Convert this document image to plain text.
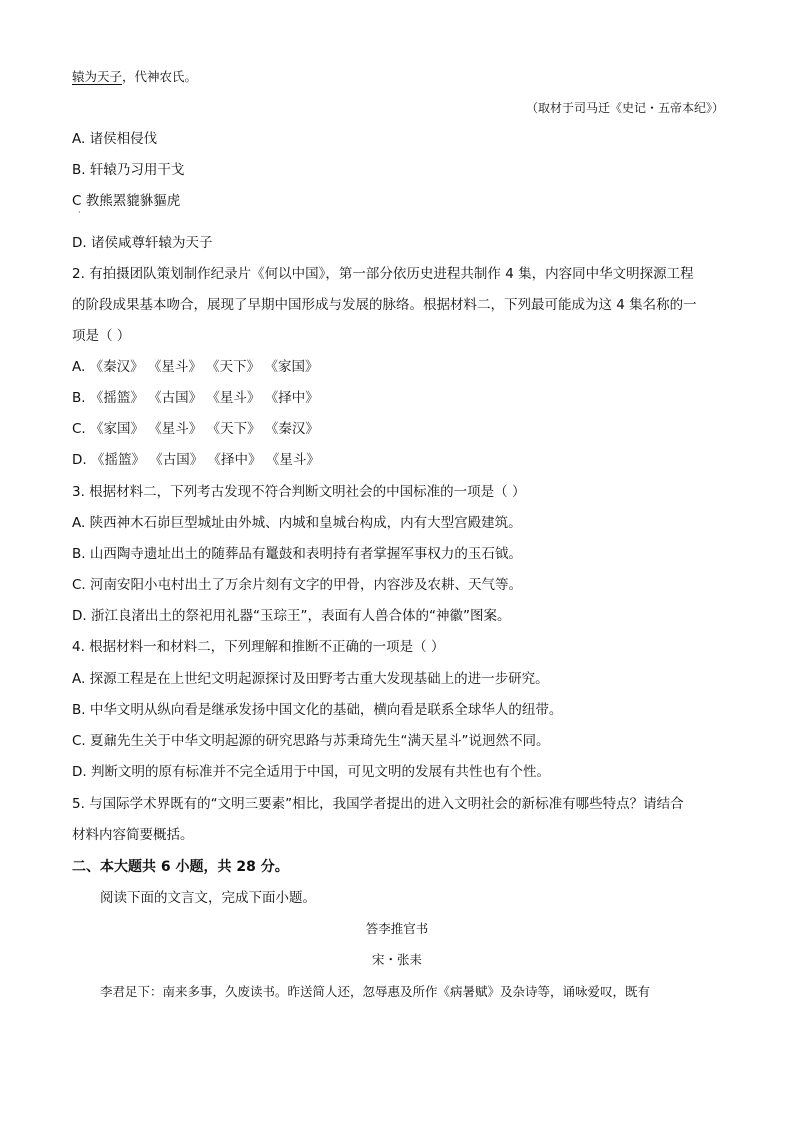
辕为天子，代神农氏。
（取材于司马迁《史记・五帝本纪》）
A. 诸侯相侵伐
B. 轩辕乃习用干戈
C 教熊罴貔貅貙虎
·
D. 诸侯咸尊轩辕为天子
2. 有拍摄团队策划制作纪录片《何以中国》，第一部分依历史进程共制作 4 集，内容同中华文明探源工程
的阶段成果基本吻合，展现了早期中国形成与发展的脉络。根据材料二，下列最可能成为这 4 集名称的一
项是（ ）
A. 《秦汉》 《星斗》 《天下》 《家国》
B. 《摇篮》 《古国》 《星斗》 《择中》
C. 《家国》 《星斗》 《天下》 《秦汉》
D. 《摇篮》 《古国》 《择中》 《星斗》
3. 根据材料二，下列考古发现不符合判断文明社会的中国标准的一项是（ ）
A. 陕西神木石峁巨型城址由外城、内城和皇城台构成，内有大型宫殿建筑。
B. 山西陶寺遗址出土的随葬品有鼍鼓和表明持有者掌握军事权力的玉石钺。
C. 河南安阳小屯村出土了万余片刻有文字的甲骨，内容涉及农耕、天气等。
D. 浙江良渚出土的祭祀用礼器“玉琮王”，表面有人兽合体的“神徽”图案。
4. 根据材料一和材料二，下列理解和推断不正确的一项是（ ）
A. 探源工程是在上世纪文明起源探讨及田野考古重大发现基础上的进一步研究。
B. 中华文明从纵向看是继承发扬中国文化的基础，横向看是联系全球华人的纽带。
C. 夏鼐先生关于中华文明起源的研究思路与苏秉琦先生“满天星斗”说迥然不同。
D. 判断文明的原有标准并不完全适用于中国，可见文明的发展有共性也有个性。
5. 与国际学术界既有的“文明三要素”相比，我国学者提出的进入文明社会的新标准有哪些特点？请结合
材料内容简要概括。
二、本大题共 6 小题，共 28 分。
阅读下面的文言文，完成下面小题。
答李推官书
宋・张耒
李君足下：南来多事，久废读书。昨送简人还，忽辱惠及所作《病暑赋》及杂诗等，诵咏爱叹，既有
